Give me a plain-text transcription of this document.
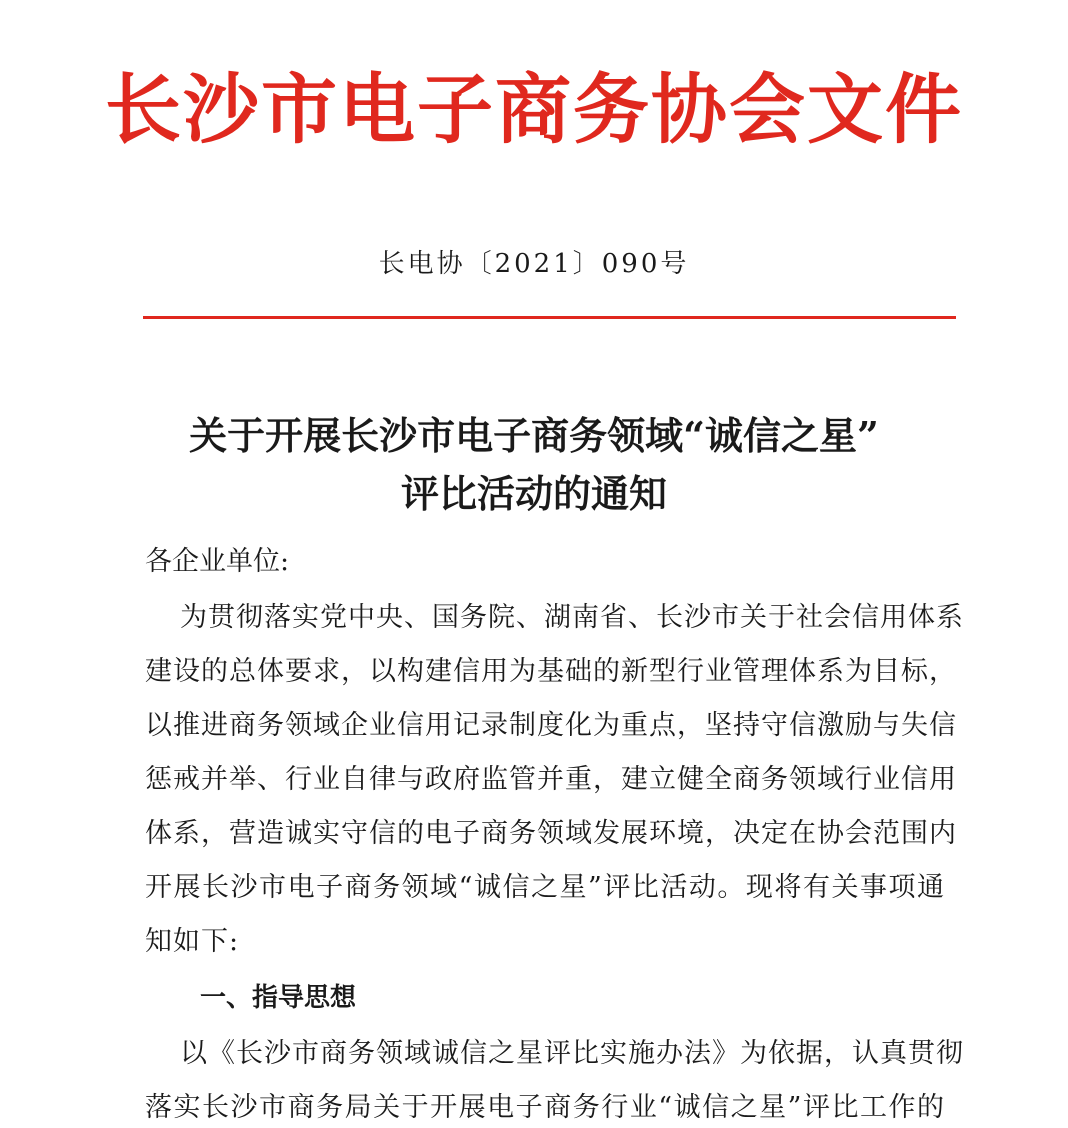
长沙市电子商务协会文件
长电协〔2021〕090号
关于开展长沙市电子商务领域“诚信之星”
评比活动的通知
各企业单位:
为贯彻落实党中央、国务院、湖南省、长沙市关于社会信用体系
建设的总体要求，以构建信用为基础的新型行业管理体系为目标，
以推进商务领域企业信用记录制度化为重点，坚持守信激励与失信
惩戒并举、行业自律与政府监管并重，建立健全商务领域行业信用
体系，营造诚实守信的电子商务领域发展环境，决定在协会范围内
开展长沙市电子商务领域“诚信之星”评比活动。现将有关事项通
知如下:
一、指导思想
以《长沙市商务领域诚信之星评比实施办法》为依据，认真贯彻
落实长沙市商务局关于开展电子商务行业“诚信之星”评比工作的
